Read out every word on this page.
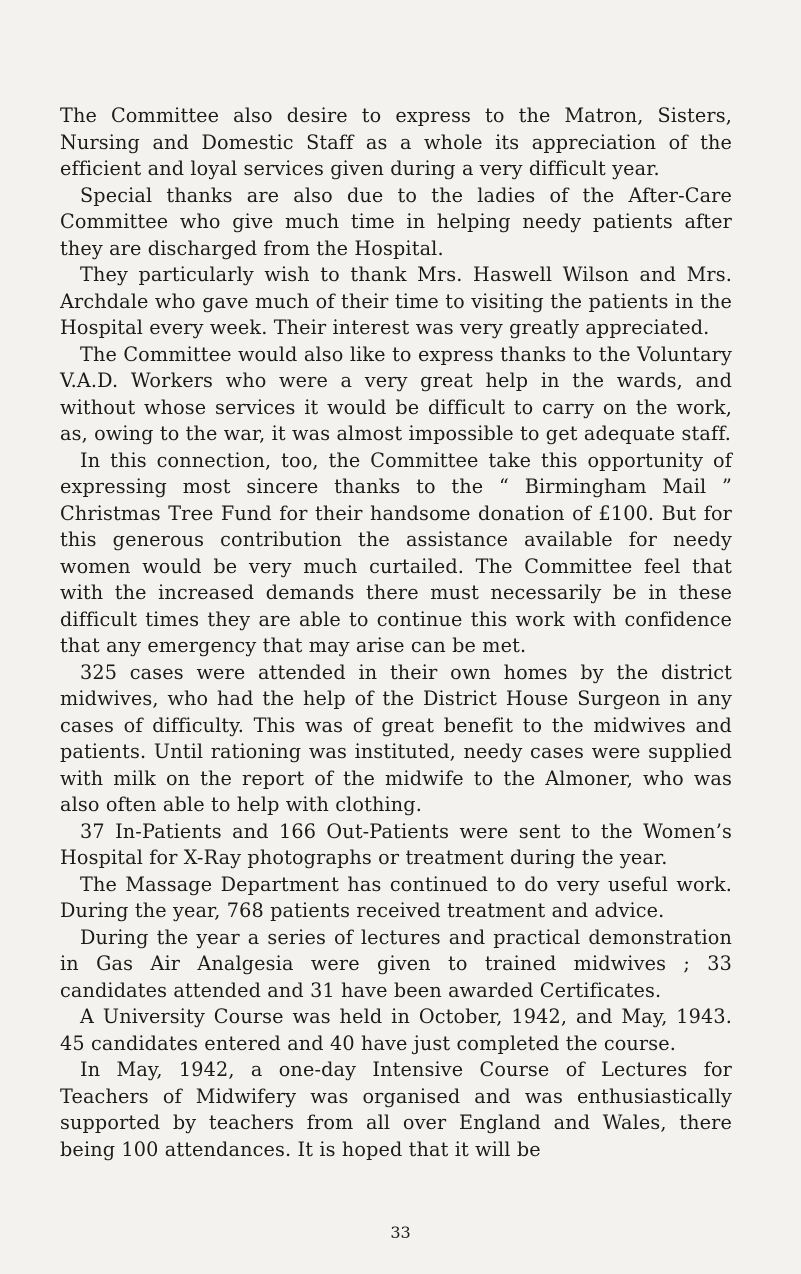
The Committee also desire to express to the Matron, Sisters, Nursing and Domestic Staff as a whole its appreciation of the efficient and loyal services given during a very difficult year.

Special thanks are also due to the ladies of the After-Care Committee who give much time in helping needy patients after they are discharged from the Hospital.

They particularly wish to thank Mrs. Haswell Wilson and Mrs. Archdale who gave much of their time to visiting the patients in the Hospital every week. Their interest was very greatly appreciated.

The Committee would also like to express thanks to the Voluntary V.A.D. Workers who were a very great help in the wards, and without whose services it would be difficult to carry on the work, as, owing to the war, it was almost impossible to get adequate staff.

In this connection, too, the Committee take this opportunity of expressing most sincere thanks to the “ Birmingham Mail ” Christmas Tree Fund for their handsome donation of £100. But for this generous contribution the assistance available for needy women would be very much curtailed. The Committee feel that with the increased demands there must necessarily be in these difficult times they are able to continue this work with confidence that any emergency that may arise can be met.

325 cases were attended in their own homes by the district midwives, who had the help of the District House Surgeon in any cases of difficulty. This was of great benefit to the midwives and patients. Until rationing was instituted, needy cases were supplied with milk on the report of the midwife to the Almoner, who was also often able to help with clothing.

37 In-Patients and 166 Out-Patients were sent to the Women’s Hospital for X-Ray photographs or treatment during the year.

The Massage Department has continued to do very useful work. During the year, 768 patients received treatment and advice.

During the year a series of lectures and practical demonstration in Gas Air Analgesia were given to trained midwives ; 33 candidates attended and 31 have been awarded Certificates.

A University Course was held in October, 1942, and May, 1943. 45 candidates entered and 40 have just completed the course.

In May, 1942, a one-day Intensive Course of Lectures for Teachers of Midwifery was organised and was enthusiastically supported by teachers from all over England and Wales, there being 100 attendances. It is hoped that it will be

33
